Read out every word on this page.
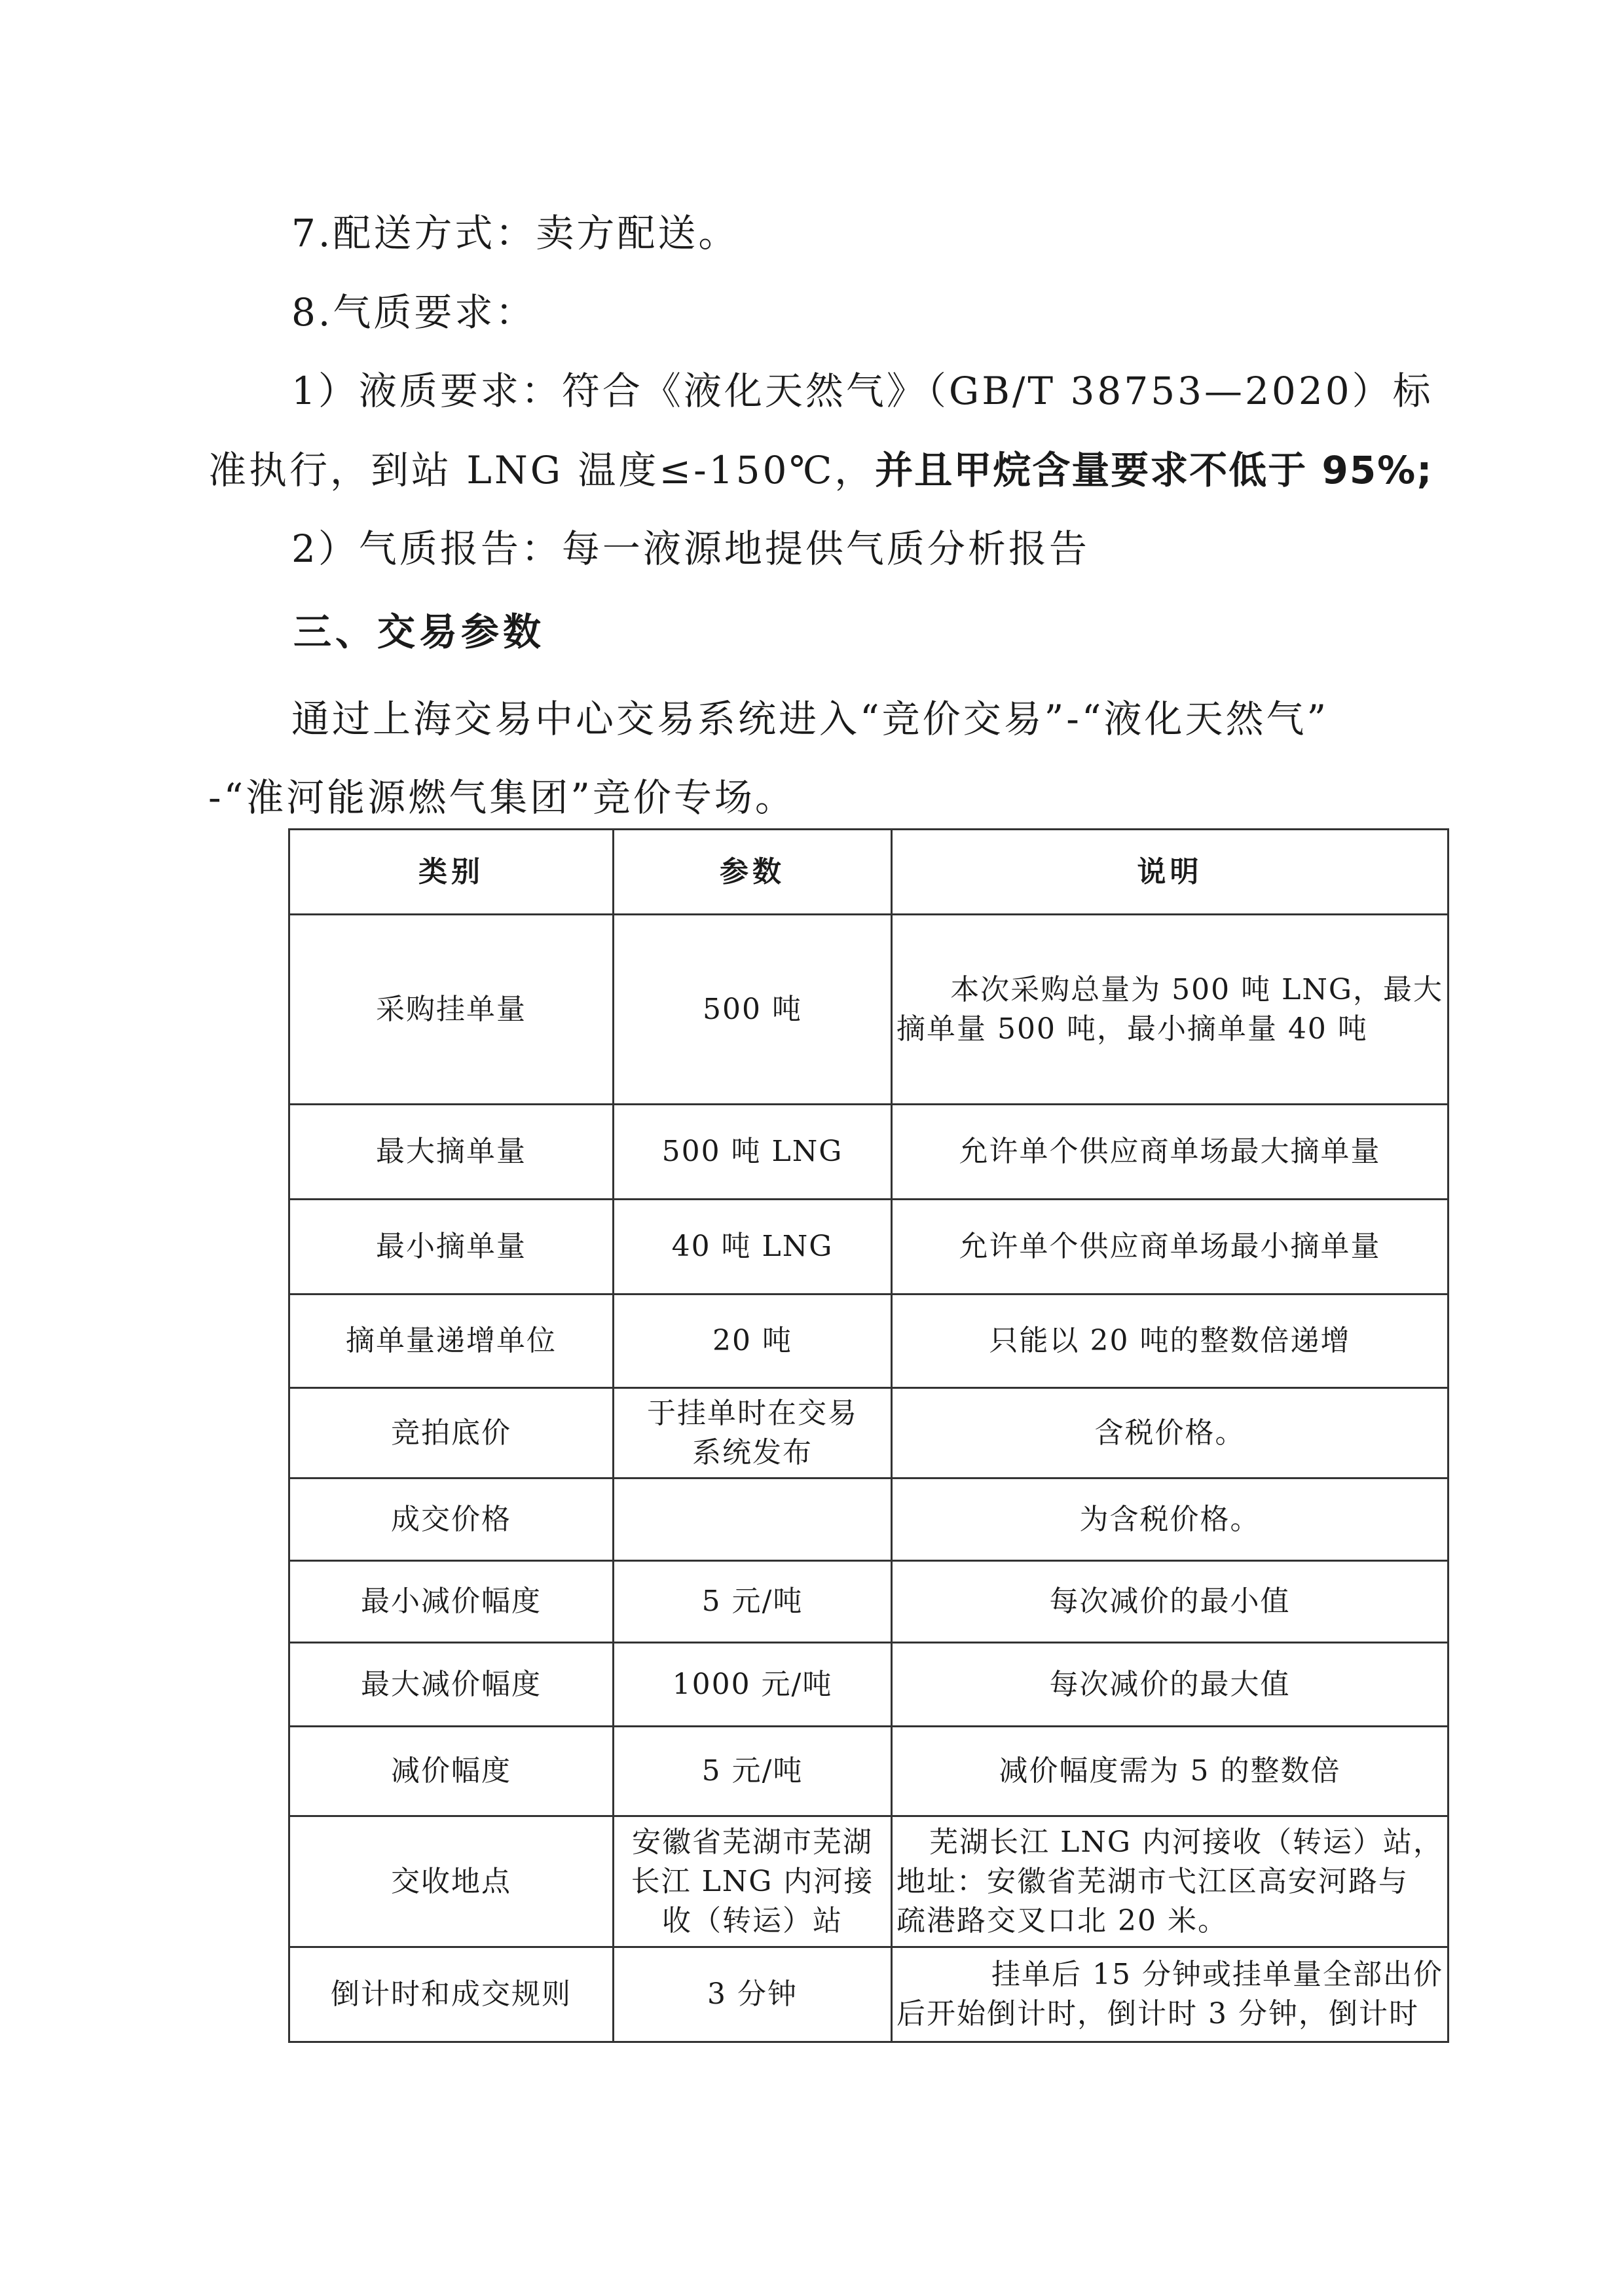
7.配送方式：卖方配送。
8.气质要求：
1）液质要求：符合《液化天然气》（GB/T 38753—2020）标
准执行，到站 LNG 温度≤-150℃，并且甲烷含量要求不低于 95%;
2）气质报告：每一液源地提供气质分析报告
三、交易参数
通过上海交易中心交易系统进入“竞价交易”-“液化天然气”
-“淮河能源燃气集团”竞价专场。
类别	参数	说明
采购挂单量	500 吨	本次采购总量为 500 吨 LNG，最大
摘单量 500 吨，最小摘单量 40 吨

最大摘单量	500 吨 LNG	允许单个供应商单场最大摘单量

最小摘单量	40 吨 LNG	允许单个供应商单场最小摘单量

摘单量递增单位	20 吨	只能以 20 吨的整数倍递增

竞拍底价	于挂单时在交易系统发布	含税价格。

成交价格		为含税价格。

最小减价幅度	5 元/吨	每次减价的最小值

最大减价幅度	1000 元/吨	每次减价的最大值

减价幅度	5 元/吨	减价幅度需为 5 的整数倍

交收地点	安徽省芜湖市芜湖长江 LNG 内河接收（转运）站	芜湖长江 LNG 内河接收（转运）站，
地址：安徽省芜湖市弋江区高安河路与
疏港路交叉口北 20 米。

倒计时和成交规则	3 分钟	挂单后 15 分钟或挂单量全部出价
后开始倒计时，倒计时 3 分钟，倒计时
